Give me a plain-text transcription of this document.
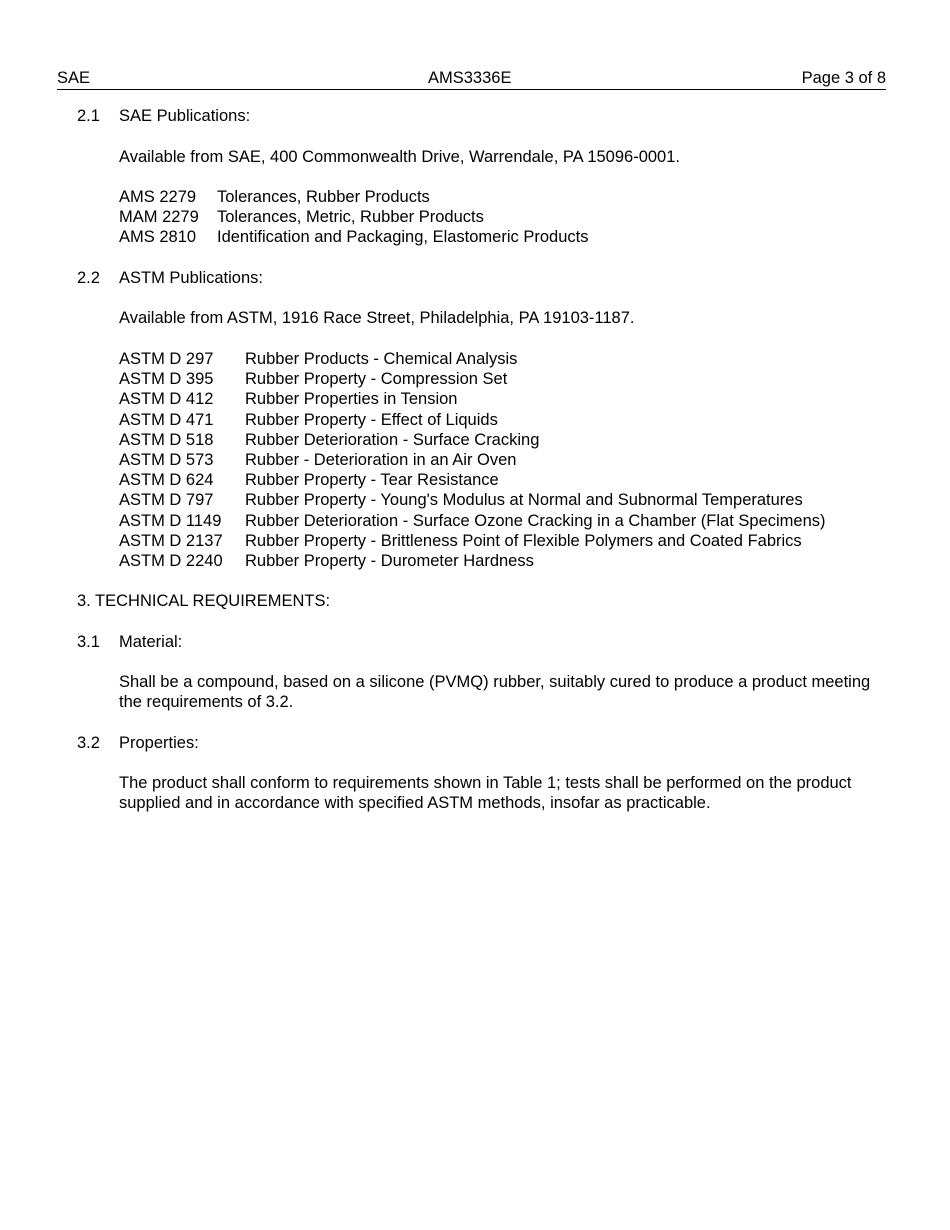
SAE	AMS3336E	Page 3 of 8
2.1 SAE Publications:
Available from SAE, 400 Commonwealth Drive, Warrendale, PA 15096-0001.
AMS 2279 Tolerances, Rubber Products
MAM 2279 Tolerances, Metric, Rubber Products
AMS 2810 Identification and Packaging, Elastomeric Products
2.2 ASTM Publications:
Available from ASTM, 1916 Race Street, Philadelphia, PA 19103-1187.
ASTM D 297 Rubber Products - Chemical Analysis
ASTM D 395 Rubber Property - Compression Set
ASTM D 412 Rubber Properties in Tension
ASTM D 471 Rubber Property - Effect of Liquids
ASTM D 518 Rubber Deterioration - Surface Cracking
ASTM D 573 Rubber - Deterioration in an Air Oven
ASTM D 624 Rubber Property - Tear Resistance
ASTM D 797 Rubber Property - Young's Modulus at Normal and Subnormal Temperatures
ASTM D 1149 Rubber Deterioration - Surface Ozone Cracking in a Chamber (Flat Specimens)
ASTM D 2137 Rubber Property - Brittleness Point of Flexible Polymers and Coated Fabrics
ASTM D 2240 Rubber Property - Durometer Hardness
3. TECHNICAL REQUIREMENTS:
3.1 Material:

Shall be a compound, based on a silicone (PVMQ) rubber, suitably cured to produce a product meeting the requirements of 3.2.

3.2 Properties:

The product shall conform to requirements shown in Table 1; tests shall be performed on the product supplied and in accordance with specified ASTM methods, insofar as practicable.
